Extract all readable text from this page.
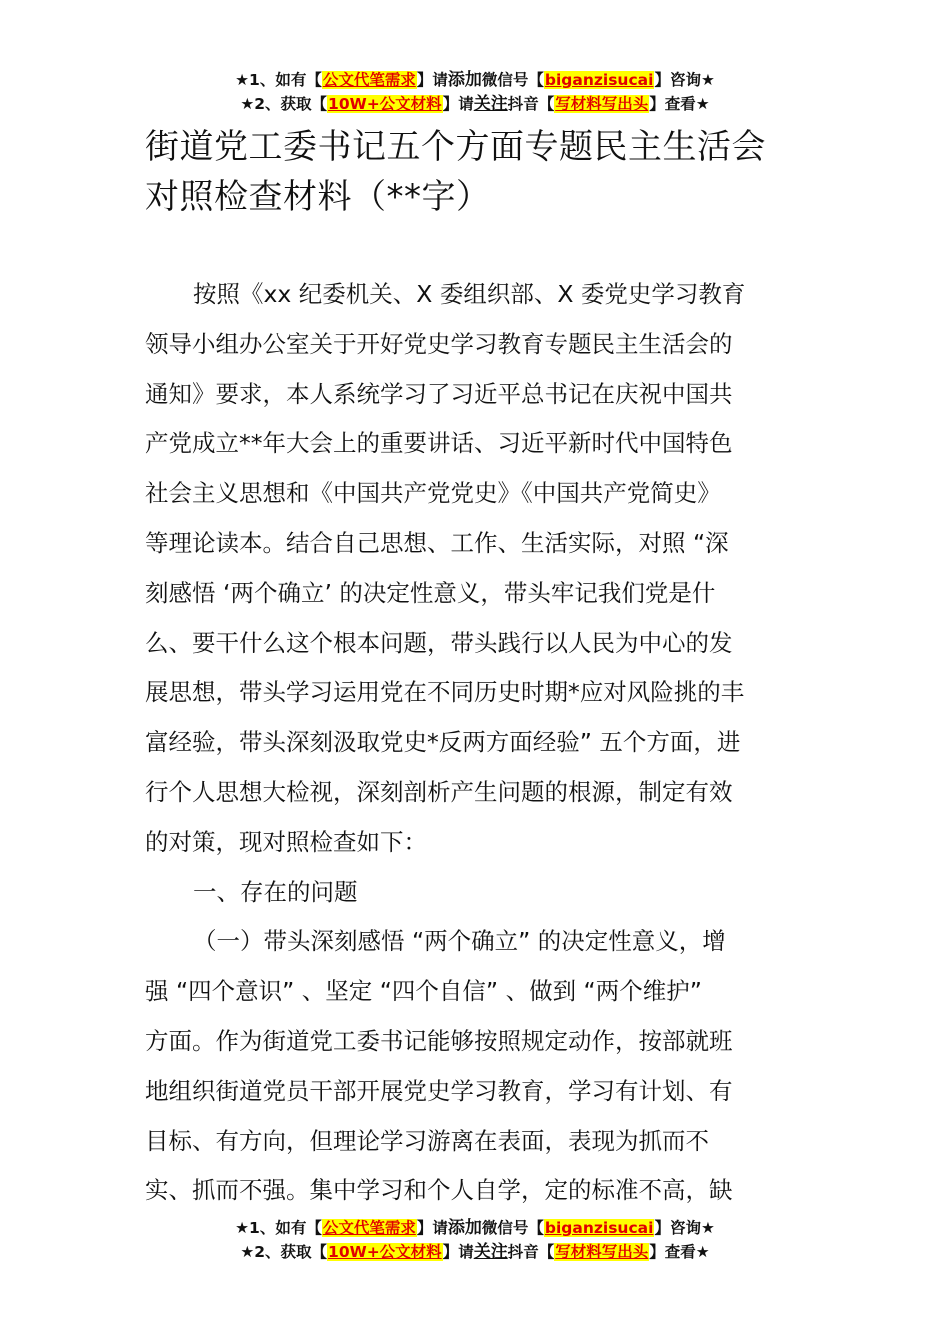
★1、如有【公文代笔需求】请添加微信号【biganzisucai】咨询★
★2、获取【10W+公文材料】请关注抖音【写材料写出头】查看★
街道党工委书记五个方面专题民主生活会
对照检查材料（**字）
按照《xx 纪委机关、X 委组织部、X 委党史学习教育
领导小组办公室关于开好党史学习教育专题民主生活会的
通知》要求，本人系统学习了习近平总书记在庆祝中国共
产党成立**年大会上的重要讲话、习近平新时代中国特色
社会主义思想和《中国共产党党史》《中国共产党简史》
等理论读本。结合自己思想、工作、生活实际，对照 “深
刻感悟 ‘两个确立’ 的决定性意义，带头牢记我们党是什
么、要干什么这个根本问题，带头践行以人民为中心的发
展思想，带头学习运用党在不同历史时期*应对风险挑的丰
富经验，带头深刻汲取党史*反两方面经验” 五个方面，进
行个人思想大检视，深刻剖析产生问题的根源，制定有效
的对策，现对照检查如下：
一、存在的问题
（一）带头深刻感悟 “两个确立” 的决定性意义，增
强 “四个意识” 、坚定 “四个自信” 、做到 “两个维护”
方面。作为街道党工委书记能够按照规定动作，按部就班
地组织街道党员干部开展党史学习教育，学习有计划、有
目标、有方向，但理论学习游离在表面，表现为抓而不
实、抓而不强。集中学习和个人自学，定的标准不高，缺
★1、如有【公文代笔需求】请添加微信号【biganzisucai】咨询★
★2、获取【10W+公文材料】请关注抖音【写材料写出头】查看★
